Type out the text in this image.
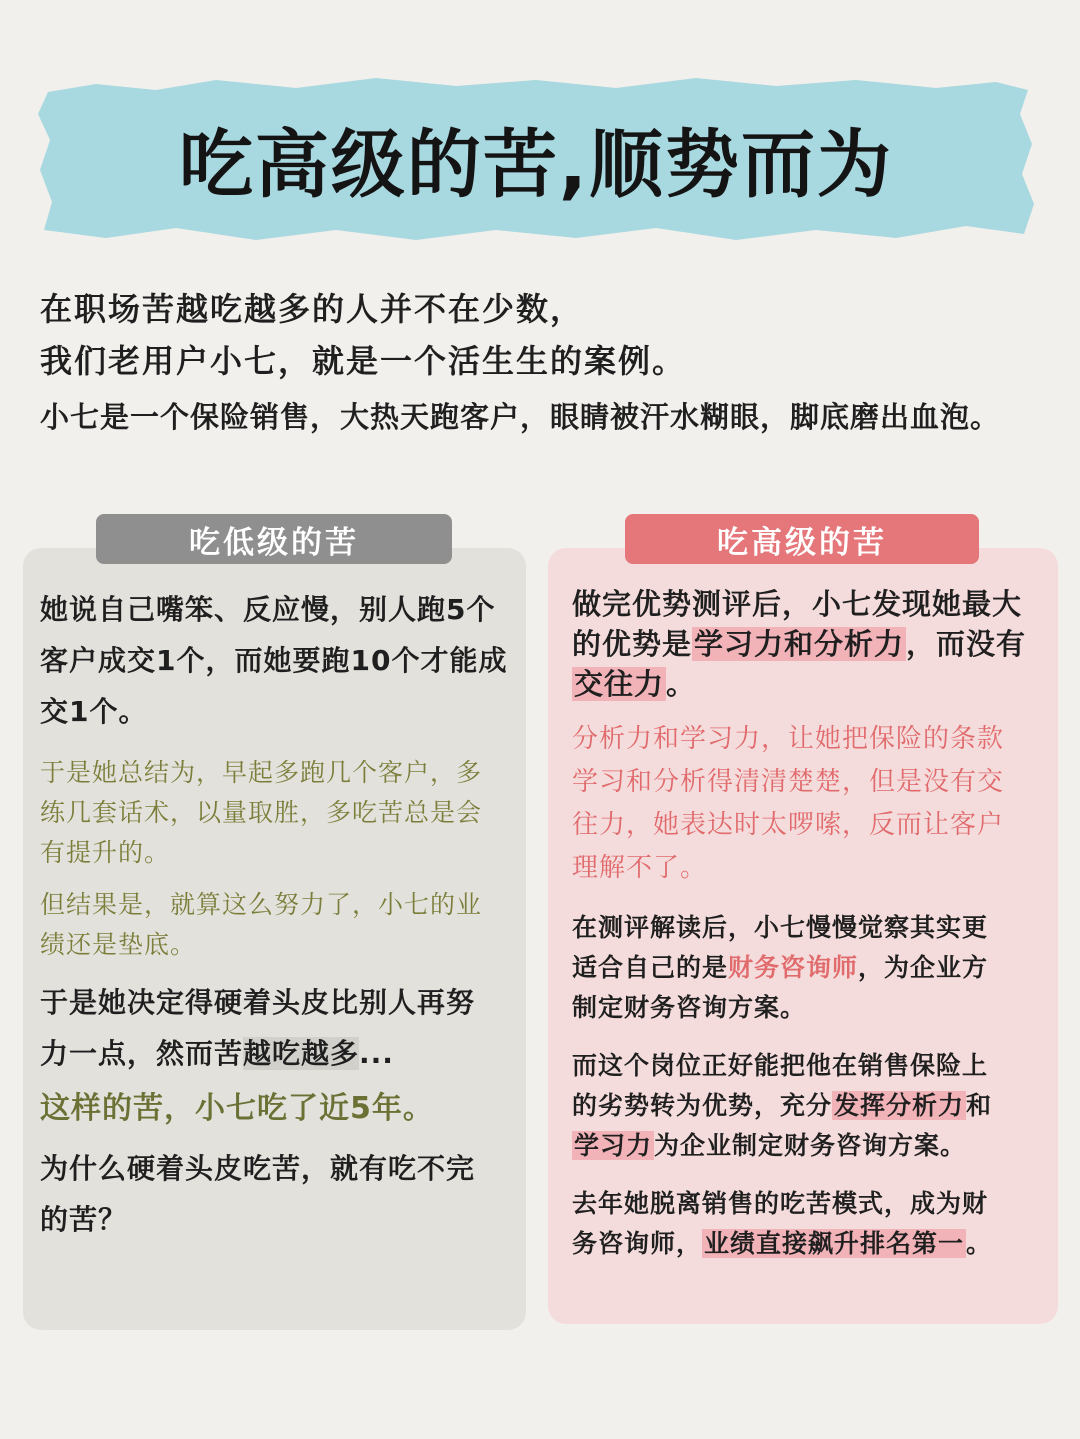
吃高级的苦,顺势而为

在职场苦越吃越多的人并不在少数，

我们老用户小七，就是一个活生生的案例。

小七是一个保险销售，大热天跑客户，眼睛被汗水糊眼，脚底磨出血泡。

吃低级的苦	吃高级的苦
她说自己嘴笨、反应慢，别人跑5个
客户成交1个，而她要跑10个才能成
交1个。
于是她总结为，早起多跑几个客户，多
练几套话术，以量取胜，多吃苦总是会
有提升的。
但结果是，就算这么努力了，小七的业
绩还是垫底。
于是她决定得硬着头皮比别人再努
力一点，然而苦越吃越多...
这样的苦，小七吃了近5年。
为什么硬着头皮吃苦，就有吃不完
的苦？
做完优势测评后，小七发现她最大
的优势是学习力和分析力，而没有
交往力。
分析力和学习力，让她把保险的条款
学习和分析得清清楚楚，但是没有交
往力，她表达时太啰嗦，反而让客户
理解不了。
在测评解读后，小七慢慢觉察其实更
适合自己的是财务咨询师，为企业方
制定财务咨询方案。
而这个岗位正好能把他在销售保险上
的劣势转为优势，充分发挥分析力和
学习力为企业制定财务咨询方案。
去年她脱离销售的吃苦模式，成为财
务咨询师，业绩直接飙升排名第一。
